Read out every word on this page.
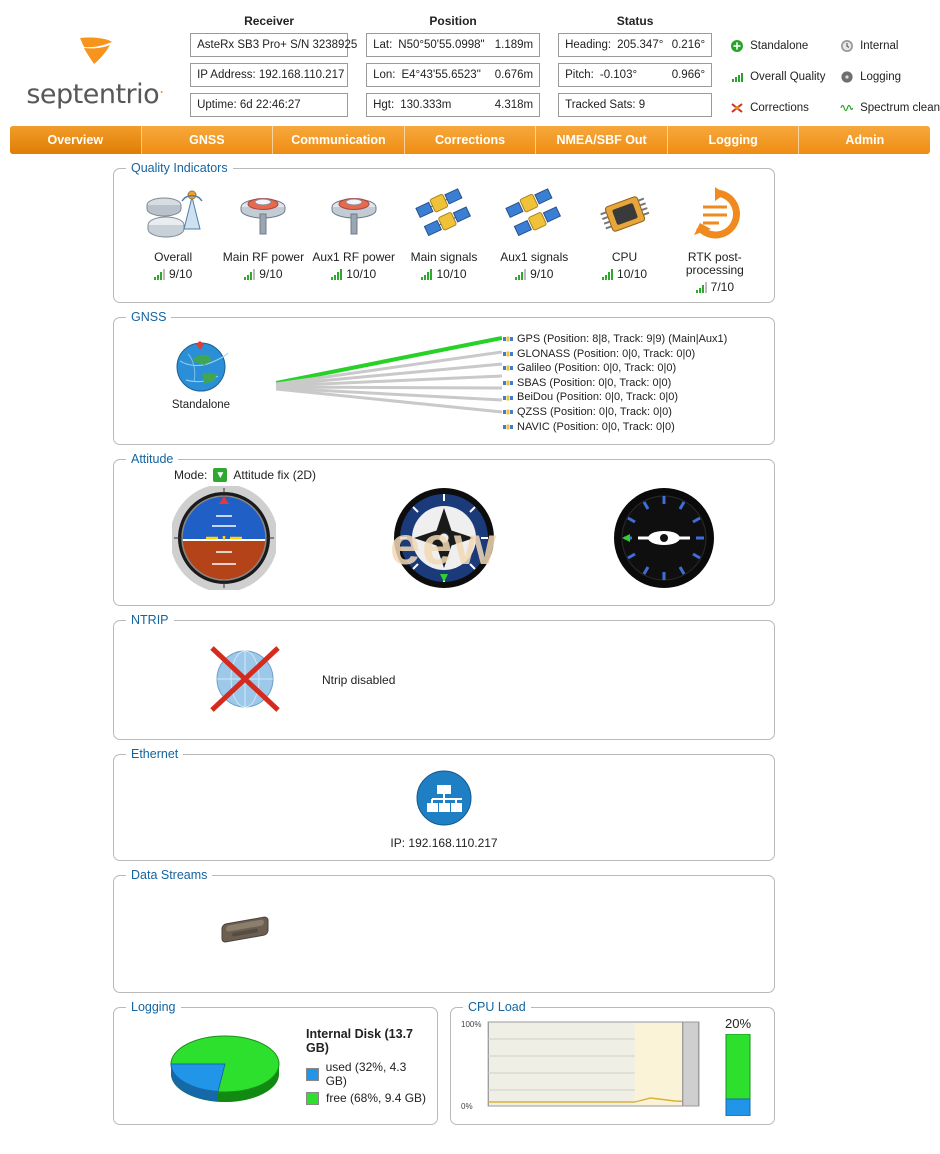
septentrio.
Receiver
AsteRx SB3 Pro+ S/N 3238925
IP Address: 192.168.110.217
Uptime: 6d 22:46:27
Position
Lat: N50°50'55.0998" 1.189m
Lon: E4°43'55.6523" 0.676m
Hgt: 130.333m	4.318m
Status
Heading: 205.347° 0.216°
Pitch: -0.103°	0.966°
Tracked Sats: 9
Standalone	Internal
Overall Quality	Logging
Corrections	Spectrum clean
Overview	GNSS	Communication	Corrections	NMEA/SBF Out	Logging	Admin
Quality Indicators
Overall
9/10
Main RF power
9/10
Aux1 RF power
10/10
Main signals
10/10
Aux1 signals
9/10
CPU
10/10
RTK post-processing
7/10
GNSS
Standalone
GPS (Position: 8|8, Track: 9|9) (Main|Aux1)
GLONASS (Position: 0|0, Track: 0|0)
Galileo (Position: 0|0, Track: 0|0)
SBAS (Position: 0|0, Track: 0|0)
BeiDou (Position: 0|0, Track: 0|0)
QZSS (Position: 0|0, Track: 0|0)
NAVIC (Position: 0|0, Track: 0|0)
Attitude
Mode: ▼ Attitude fix (2D)
eew
NTRIP
Ntrip disabled
Ethernet
IP: 192.168.110.217
Data Streams
Logging
Internal Disk (13.7 GB)
used (32%, 4.3 GB)
free (68%, 9.4 GB)
CPU Load
100%
0%
20%
